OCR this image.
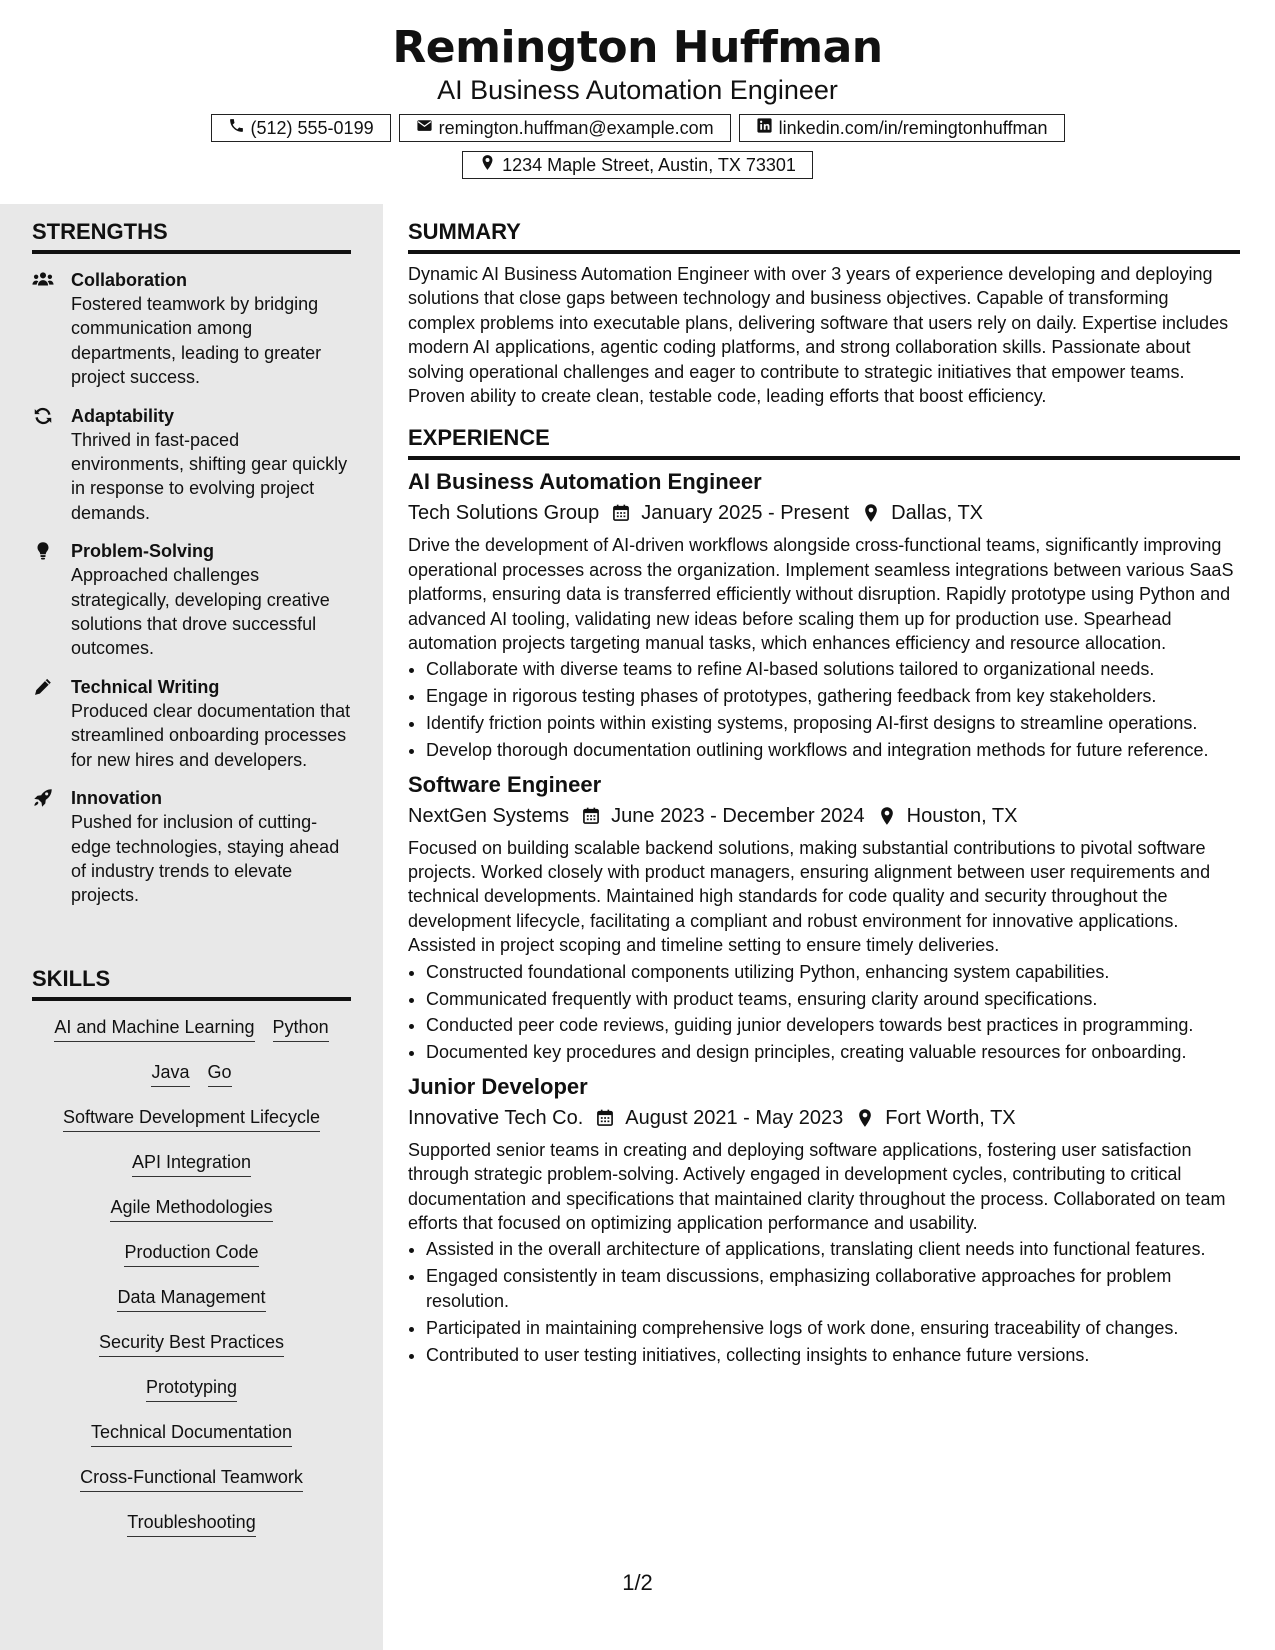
Remington Huffman
AI Business Automation Engineer
(512) 555-0199	remington.huffman@example.com	linkedin.com/in/remingtonhuffman
1234 Maple Street, Austin, TX 73301
STRENGTHS
Collaboration
Fostered teamwork by bridging communication among departments, leading to greater project success.
Adaptability
Thrived in fast-paced environments, shifting gear quickly in response to evolving project demands.
Problem-Solving
Approached challenges strategically, developing creative solutions that drove successful outcomes.
Technical Writing
Produced clear documentation that streamlined onboarding processes for new hires and developers.
Innovation
Pushed for inclusion of cutting-edge technologies, staying ahead of industry trends to elevate projects.
SKILLS
AI and Machine Learning Python
Java Go
Software Development Lifecycle
API Integration
Agile Methodologies
Production Code
Data Management
Security Best Practices
Prototyping
Technical Documentation
Cross-Functional Teamwork
Troubleshooting
SUMMARY

Dynamic AI Business Automation Engineer with over 3 years of experience developing and deploying solutions that close gaps between technology and business objectives. Capable of transforming complex problems into executable plans, delivering software that users rely on daily. Expertise includes modern AI applications, agentic coding platforms, and strong collaboration skills. Passionate about solving operational challenges and eager to contribute to strategic initiatives that empower teams. Proven ability to create clean, testable code, leading efforts that boost efficiency.

EXPERIENCE
AI Business Automation Engineer
Tech Solutions Group January 2025 - Present Dallas, TX
Drive the development of AI-driven workflows alongside cross-functional teams, significantly improving operational processes across the organization. Implement seamless integrations between various SaaS platforms, ensuring data is transferred efficiently without disruption. Rapidly prototype using Python and advanced AI tooling, validating new ideas before scaling them up for production use. Spearhead automation projects targeting manual tasks, which enhances efficiency and resource allocation.
• Collaborate with diverse teams to refine AI-based solutions tailored to organizational needs.
• Engage in rigorous testing phases of prototypes, gathering feedback from key stakeholders.
• Identify friction points within existing systems, proposing AI-first designs to streamline operations.
• Develop thorough documentation outlining workflows and integration methods for future reference.
Software Engineer
NextGen Systems June 2023 - December 2024 Houston, TX
Focused on building scalable backend solutions, making substantial contributions to pivotal software projects. Worked closely with product managers, ensuring alignment between user requirements and technical developments. Maintained high standards for code quality and security throughout the development lifecycle, facilitating a compliant and robust environment for innovative applications. Assisted in project scoping and timeline setting to ensure timely deliveries.
• Constructed foundational components utilizing Python, enhancing system capabilities.
• Communicated frequently with product teams, ensuring clarity around specifications.
• Conducted peer code reviews, guiding junior developers towards best practices in programming.
• Documented key procedures and design principles, creating valuable resources for onboarding.
Junior Developer
Innovative Tech Co. August 2021 - May 2023 Fort Worth, TX
Supported senior teams in creating and deploying software applications, fostering user satisfaction through strategic problem-solving. Actively engaged in development cycles, contributing to critical documentation and specifications that maintained clarity throughout the process. Collaborated on team efforts that focused on optimizing application performance and usability.
• Assisted in the overall architecture of applications, translating client needs into functional features.
• Engaged consistently in team discussions, emphasizing collaborative approaches for problem resolution.
• Participated in maintaining comprehensive logs of work done, ensuring traceability of changes.
• Contributed to user testing initiatives, collecting insights to enhance future versions.
1/2
